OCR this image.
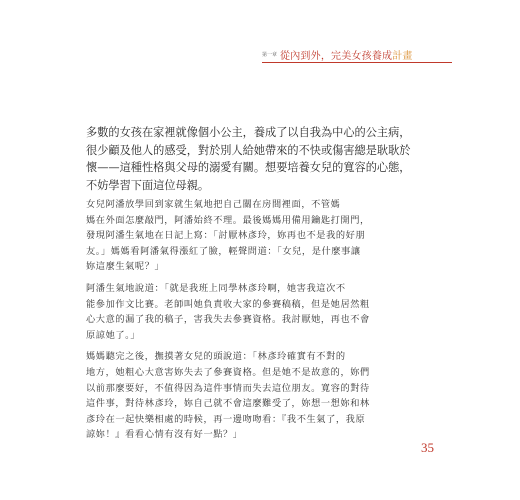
第一章 從內到外，完美女孩養成計畫
多數的女孩在家裡就像個小公主，養成了以自我為中心的公主病，
很少顧及他人的感受，對於別人給她帶來的不快或傷害總是耿耿於
懷——這種性格與父母的溺愛有關。想要培養女兒的寬容的心態，
不妨學習下面這位母親。
女兒阿潘放學回到家就生氣地把自己關在房間裡面，不管媽
媽在外面怎麼敲門，阿潘始終不理。最後媽媽用備用鑰匙打開門，
發現阿潘生氣地在日記上寫：「討厭林彥玲，妳再也不是我的好朋
友。」媽媽看阿潘氣得漲紅了臉，輕聲問道：「女兒，是什麼事讓
妳這麼生氣呢？」
阿潘生氣地說道：「就是我班上同學林彥玲啊，她害我這次不
能參加作文比賽。老師叫她負責收大家的參賽稿稿，但是她居然粗
心大意的漏了我的稿子，害我失去參賽資格。我討厭她，再也不會
原諒她了。」
媽媽聽完之後，撫摸著女兒的頭說道：「林彥玲確實有不對的
地方，她粗心大意害妳失去了參賽資格。但是她不是故意的，妳們
以前那麼要好，不值得因為這件事情而失去這位朋友。寬容的對待
這件事，對待林彥玲，妳自己就不會這麼難受了，妳想一想妳和林
彥玲在一起快樂相處的時候，再一邊吻吻看：『我不生氣了，我原
諒妳！』看看心情有沒有好一點？」
35
